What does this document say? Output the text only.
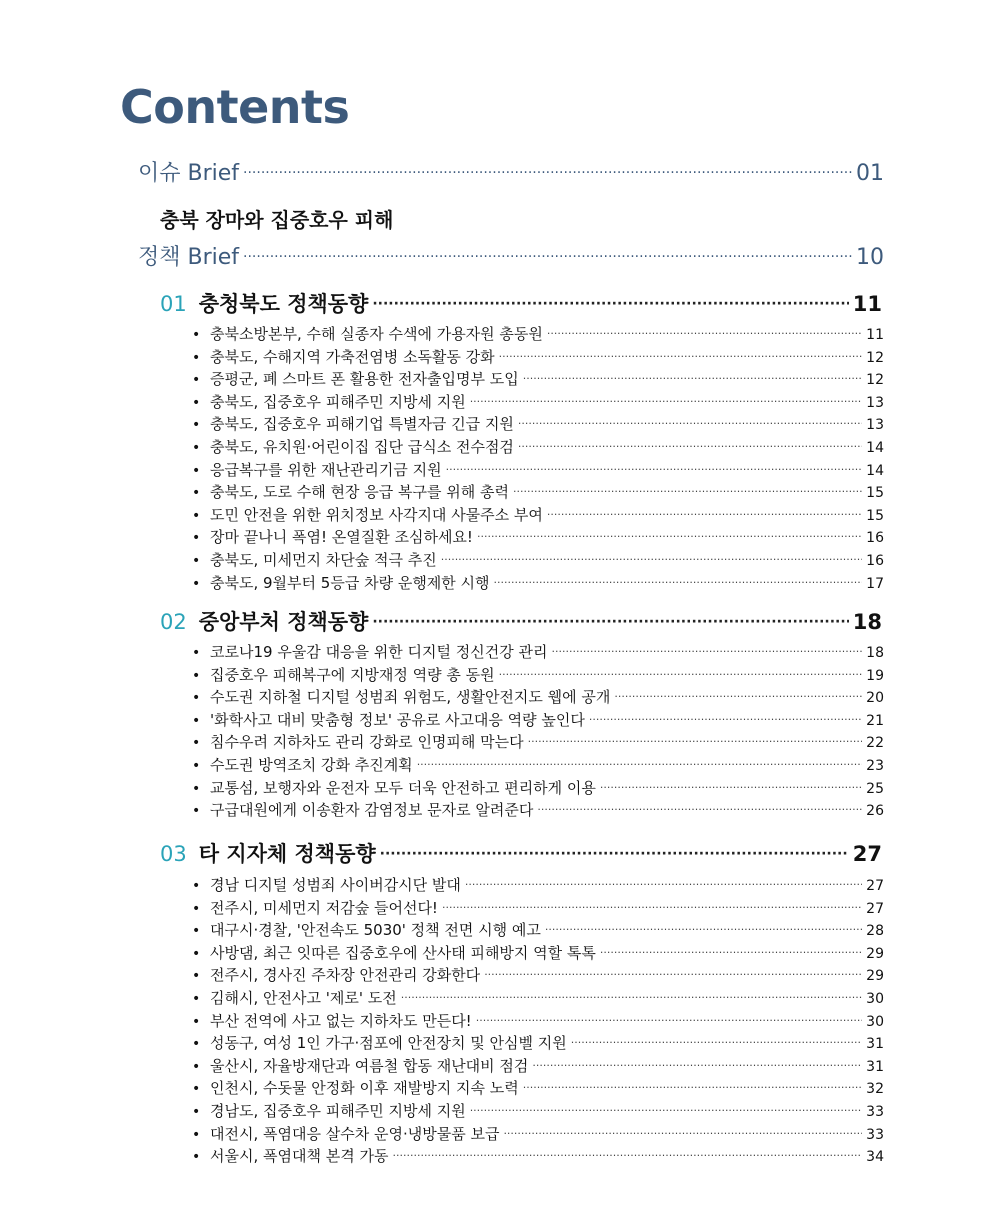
Contents
이슈 Brief ·····	01
충북 장마와 집중호우 피해
정책 Brief ·····	10
01 충청북도 정책동향 ·····	11
• 충북소방본부, 수해 실종자 수색에 가용자원 총동원 ·····	11
• 충북도, 수해지역 가축전염병 소독활동 강화 ·····	12
• 증평군, 폐 스마트 폰 활용한 전자출입명부 도입 ·····	12
• 충북도, 집중호우 피해주민 지방세 지원 ·····	13
• 충북도, 집중호우 피해기업 특별자금 긴급 지원 ·····	13
• 충북도, 유치원·어린이집 집단 급식소 전수점검 ·····	14
• 응급복구를 위한 재난관리기금 지원 ·····	14
• 충북도, 도로 수해 현장 응급 복구를 위해 총력 ·····	15
• 도민 안전을 위한 위치정보 사각지대 사물주소 부여 ·····	15
• 장마 끝나니 폭염! 온열질환 조심하세요! ·····	16
• 충북도, 미세먼지 차단숲 적극 추진 ·····	16
• 충북도, 9월부터 5등급 차량 운행제한 시행 ·····	17
02 중앙부처 정책동향 ·····	18
• 코로나19 우울감 대응을 위한 디지털 정신건강 관리 ·····	18
• 집중호우 피해복구에 지방재정 역량 총 동원 ·····	19
• 수도권 지하철 디지털 성범죄 위험도, 생활안전지도 웹에 공개 ·····	20
• '화학사고 대비 맞춤형 정보' 공유로 사고대응 역량 높인다 ·····	21
• 침수우려 지하차도 관리 강화로 인명피해 막는다 ·····	22
• 수도권 방역조치 강화 추진계획 ·····	23
• 교통섬, 보행자와 운전자 모두 더욱 안전하고 편리하게 이용 ·····	25
• 구급대원에게 이송환자 감염정보 문자로 알려준다 ·····	26
03 타 지자체 정책동향 ·····	27
• 경남 디지털 성범죄 사이버감시단 발대 ·····	27
• 전주시, 미세먼지 저감숲 들어선다! ·····	27
• 대구시·경찰, '안전속도 5030' 정책 전면 시행 예고 ·····	28
• 사방댐, 최근 잇따른 집중호우에 산사태 피해방지 역할 톡톡 ·····	29
• 전주시, 경사진 주차장 안전관리 강화한다 ·····	29
• 김해시, 안전사고 '제로' 도전 ·····	30
• 부산 전역에 사고 없는 지하차도 만든다! ·····	30
• 성동구, 여성 1인 가구·점포에 안전장치 및 안심벨 지원 ·····	31
• 울산시, 자율방재단과 여름철 합동 재난대비 점검 ·····	31
• 인천시, 수돗물 안정화 이후 재발방지 지속 노력 ·····	32
• 경남도, 집중호우 피해주민 지방세 지원 ·····	33
• 대전시, 폭염대응 살수차 운영·냉방물품 보급 ·····	33
• 서울시, 폭염대책 본격 가동 ·····	34
